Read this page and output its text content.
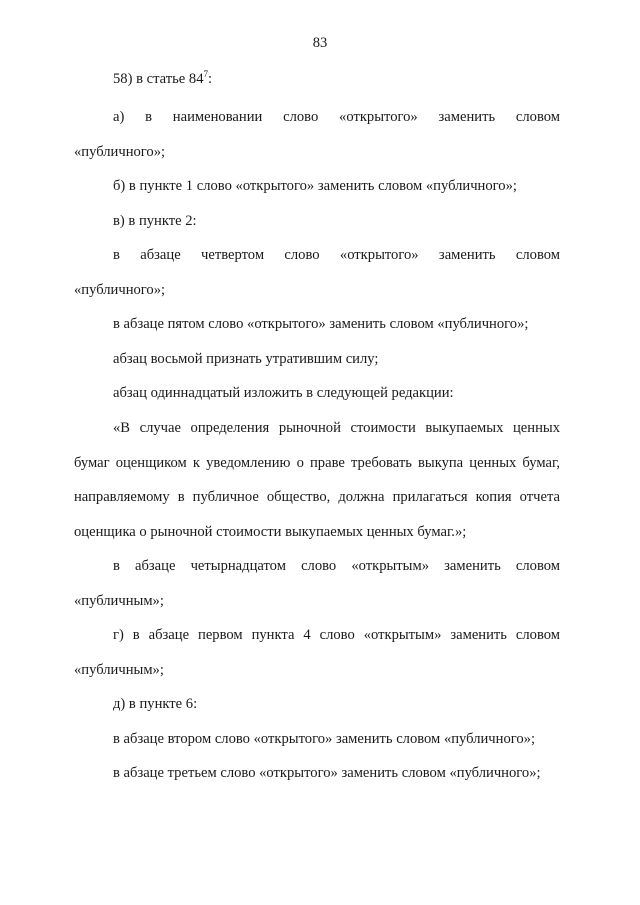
83
58) в статье $84^7$:
а) в наименовании слово «открытого» заменить словом
«публичного»;
б) в пункте 1 слово «открытого» заменить словом «публичного»;
в) в пункте 2:
в абзаце четвертом слово «открытого» заменить словом
«публичного»;
в абзаце пятом слово «открытого» заменить словом «публичного»;
абзац восьмой признать утратившим силу;
абзац одиннадцатый изложить в следующей редакции:
«В случае определения рыночной стоимости выкупаемых ценных
бумаг оценщиком к уведомлению о праве требовать выкупа ценных бумаг,
направляемому в публичное общество, должна прилагаться копия отчета
оценщика о рыночной стоимости выкупаемых ценных бумаг.»;
в абзаце четырнадцатом слово «открытым» заменить словом
«публичным»;
г) в абзаце первом пункта 4 слово «открытым» заменить словом
«публичным»;
д) в пункте 6:
в абзаце втором слово «открытого» заменить словом «публичного»;
в абзаце третьем слово «открытого» заменить словом «публичного»;
